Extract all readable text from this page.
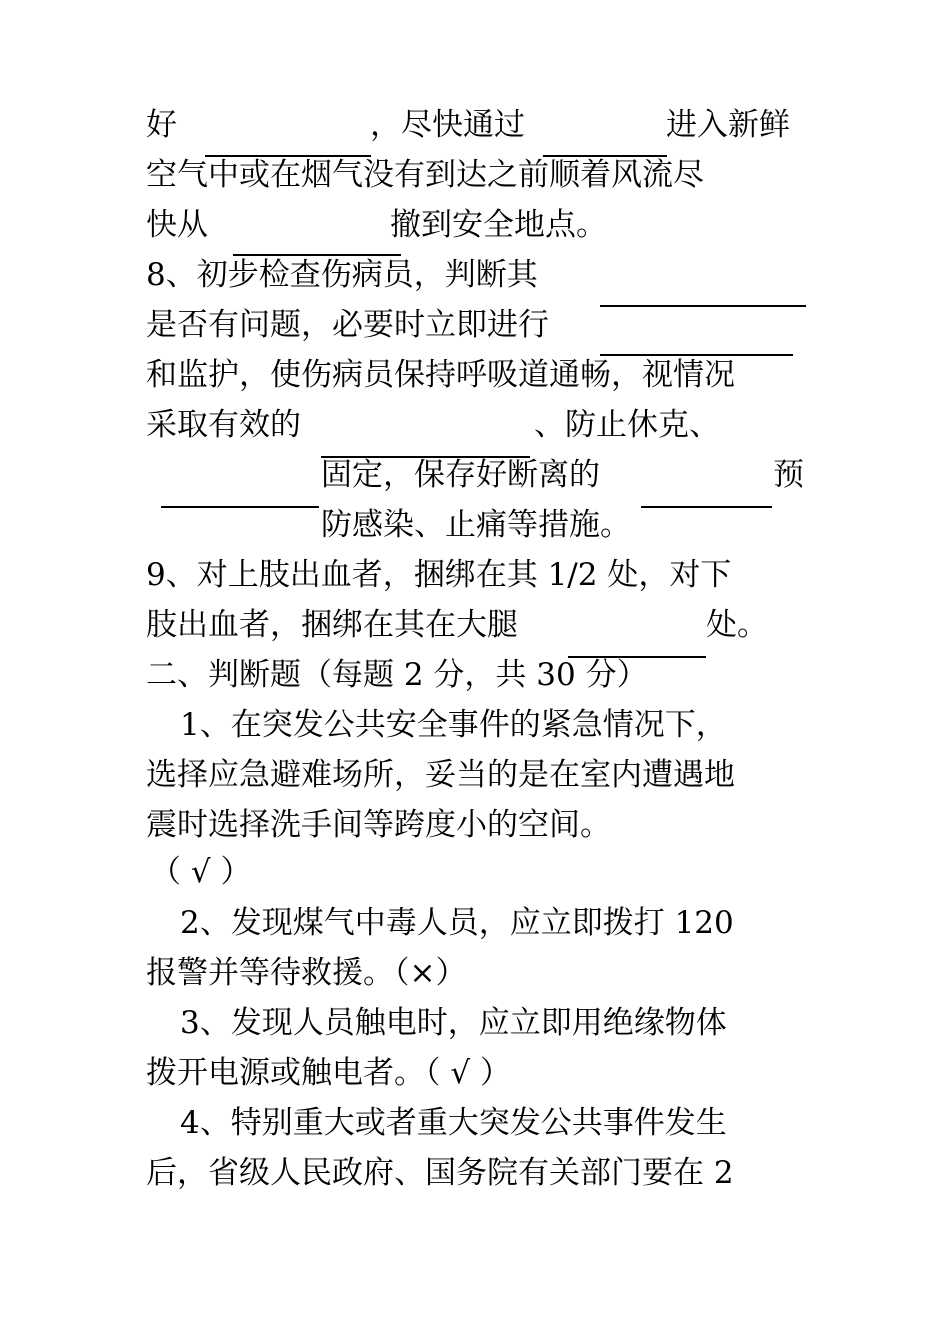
好

	，尽快通过

	进入新鲜

空气中或在烟气没有到达之前顺着风流尽

快从

	撤到安全地点。

8、初步检查伤病员，判断其
是否有问题，必要时立即进行
和监护，使伤病员保持呼吸道通畅，视情况

采取有效的

	、防止休克、

固定，保存好断离的

	预

防感染、止痛等措施。

9、对上肢出血者，捆绑在其 1/2 处，对下

肢出血者，捆绑在其在大腿

	处。

二、判断题（每题 2 分，共 30 分）
1、在突发公共安全事件的紧急情况下，
选择应急避难场所，妥当的是在室内遭遇地
震时选择洗手间等跨度小的空间。
（ √ ）
2、发现煤气中毒人员，应立即拨打 120
报警并等待救援。（×）
3、发现人员触电时，应立即用绝缘物体
拨开电源或触电者。（ √ ）
4、特别重大或者重大突发公共事件发生
后，省级人民政府、国务院有关部门要在 2
